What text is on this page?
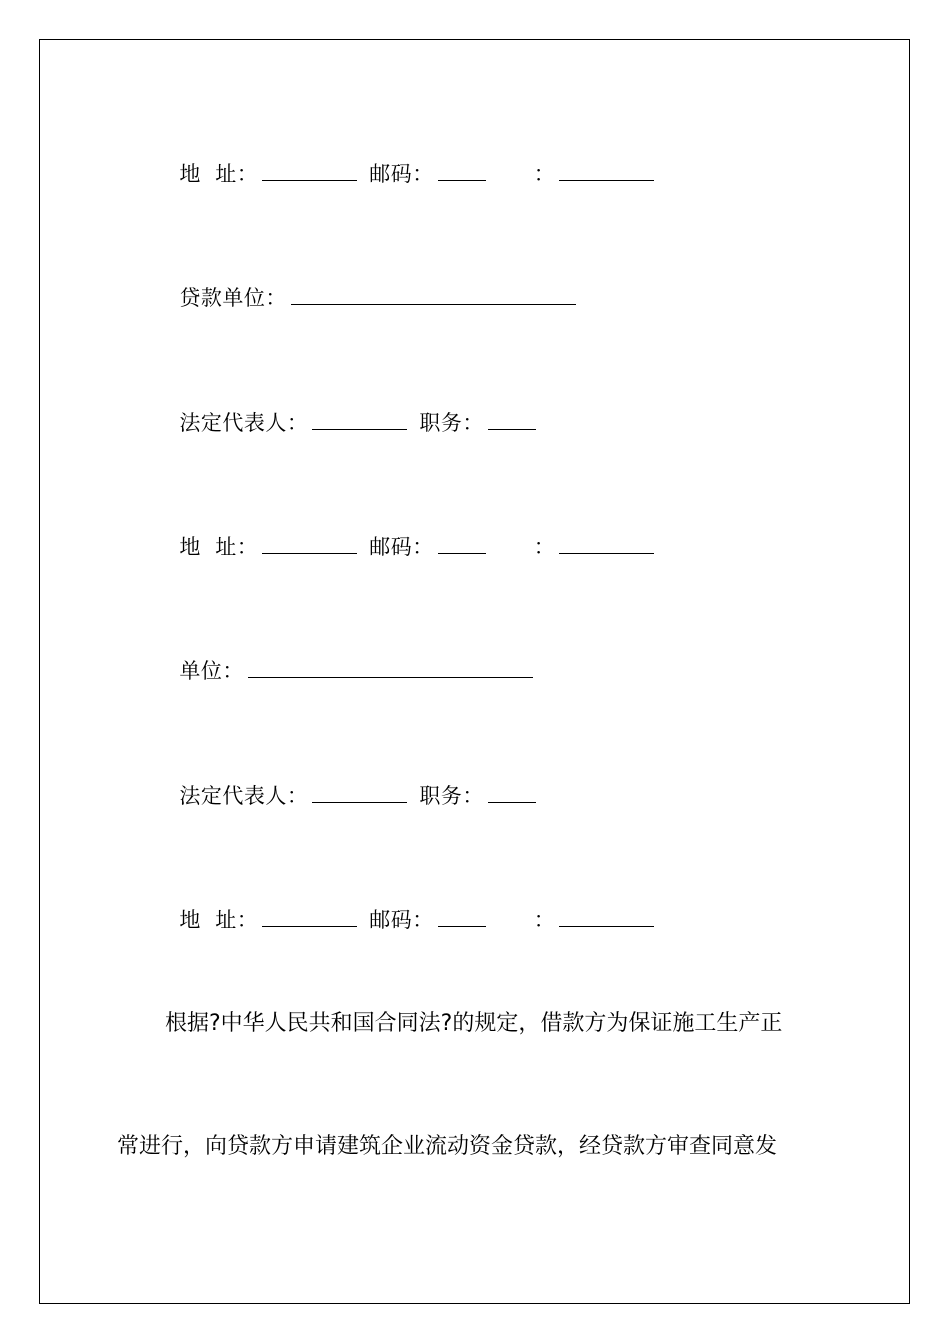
地  址：	邮码：	：

贷款单位：

法定代表人：	职务：

地  址：	邮码：	：

单位：

法定代表人：	职务：

地  址：	邮码：	：

根据?中华人民共和国合同法?的规定，借款方为保证施工生产正
常进行，向贷款方申请建筑企业流动资金贷款，经贷款方审查同意发
